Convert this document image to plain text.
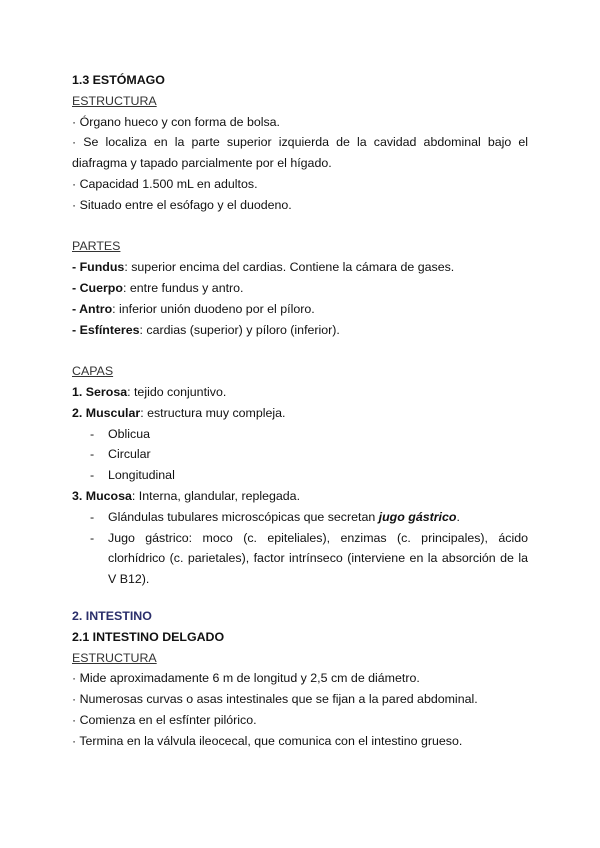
1.3 ESTÓMAGO
ESTRUCTURA
· Órgano hueco y con forma de bolsa.
· Se localiza en la parte superior izquierda de la cavidad abdominal bajo el diafragma y tapado parcialmente por el hígado.
· Capacidad 1.500 mL en adultos.
· Situado entre el esófago y el duodeno.
PARTES
- Fundus: superior encima del cardias. Contiene la cámara de gases.
- Cuerpo: entre fundus y antro.
- Antro: inferior unión duodeno por el píloro.
- Esfínteres: cardias (superior) y píloro (inferior).
CAPAS
1. Serosa: tejido conjuntivo.
2. Muscular: estructura muy compleja.
-	Oblicua
-	Circular
-	Longitudinal
3. Mucosa: Interna, glandular, replegada.
-	Glándulas tubulares microscópicas que secretan jugo gástrico.
-	Jugo gástrico: moco (c. epiteliales), enzimas (c. principales), ácido clorhídrico (c. parietales), factor intrínseco (interviene en la absorción de la V B12).
2. INTESTINO
2.1 INTESTINO DELGADO
ESTRUCTURA
· Mide aproximadamente 6 m de longitud y 2,5 cm de diámetro.
· Numerosas curvas o asas intestinales que se fijan a la pared abdominal.
· Comienza en el esfínter pilórico.
· Termina en la válvula ileocecal, que comunica con el intestino grueso.
